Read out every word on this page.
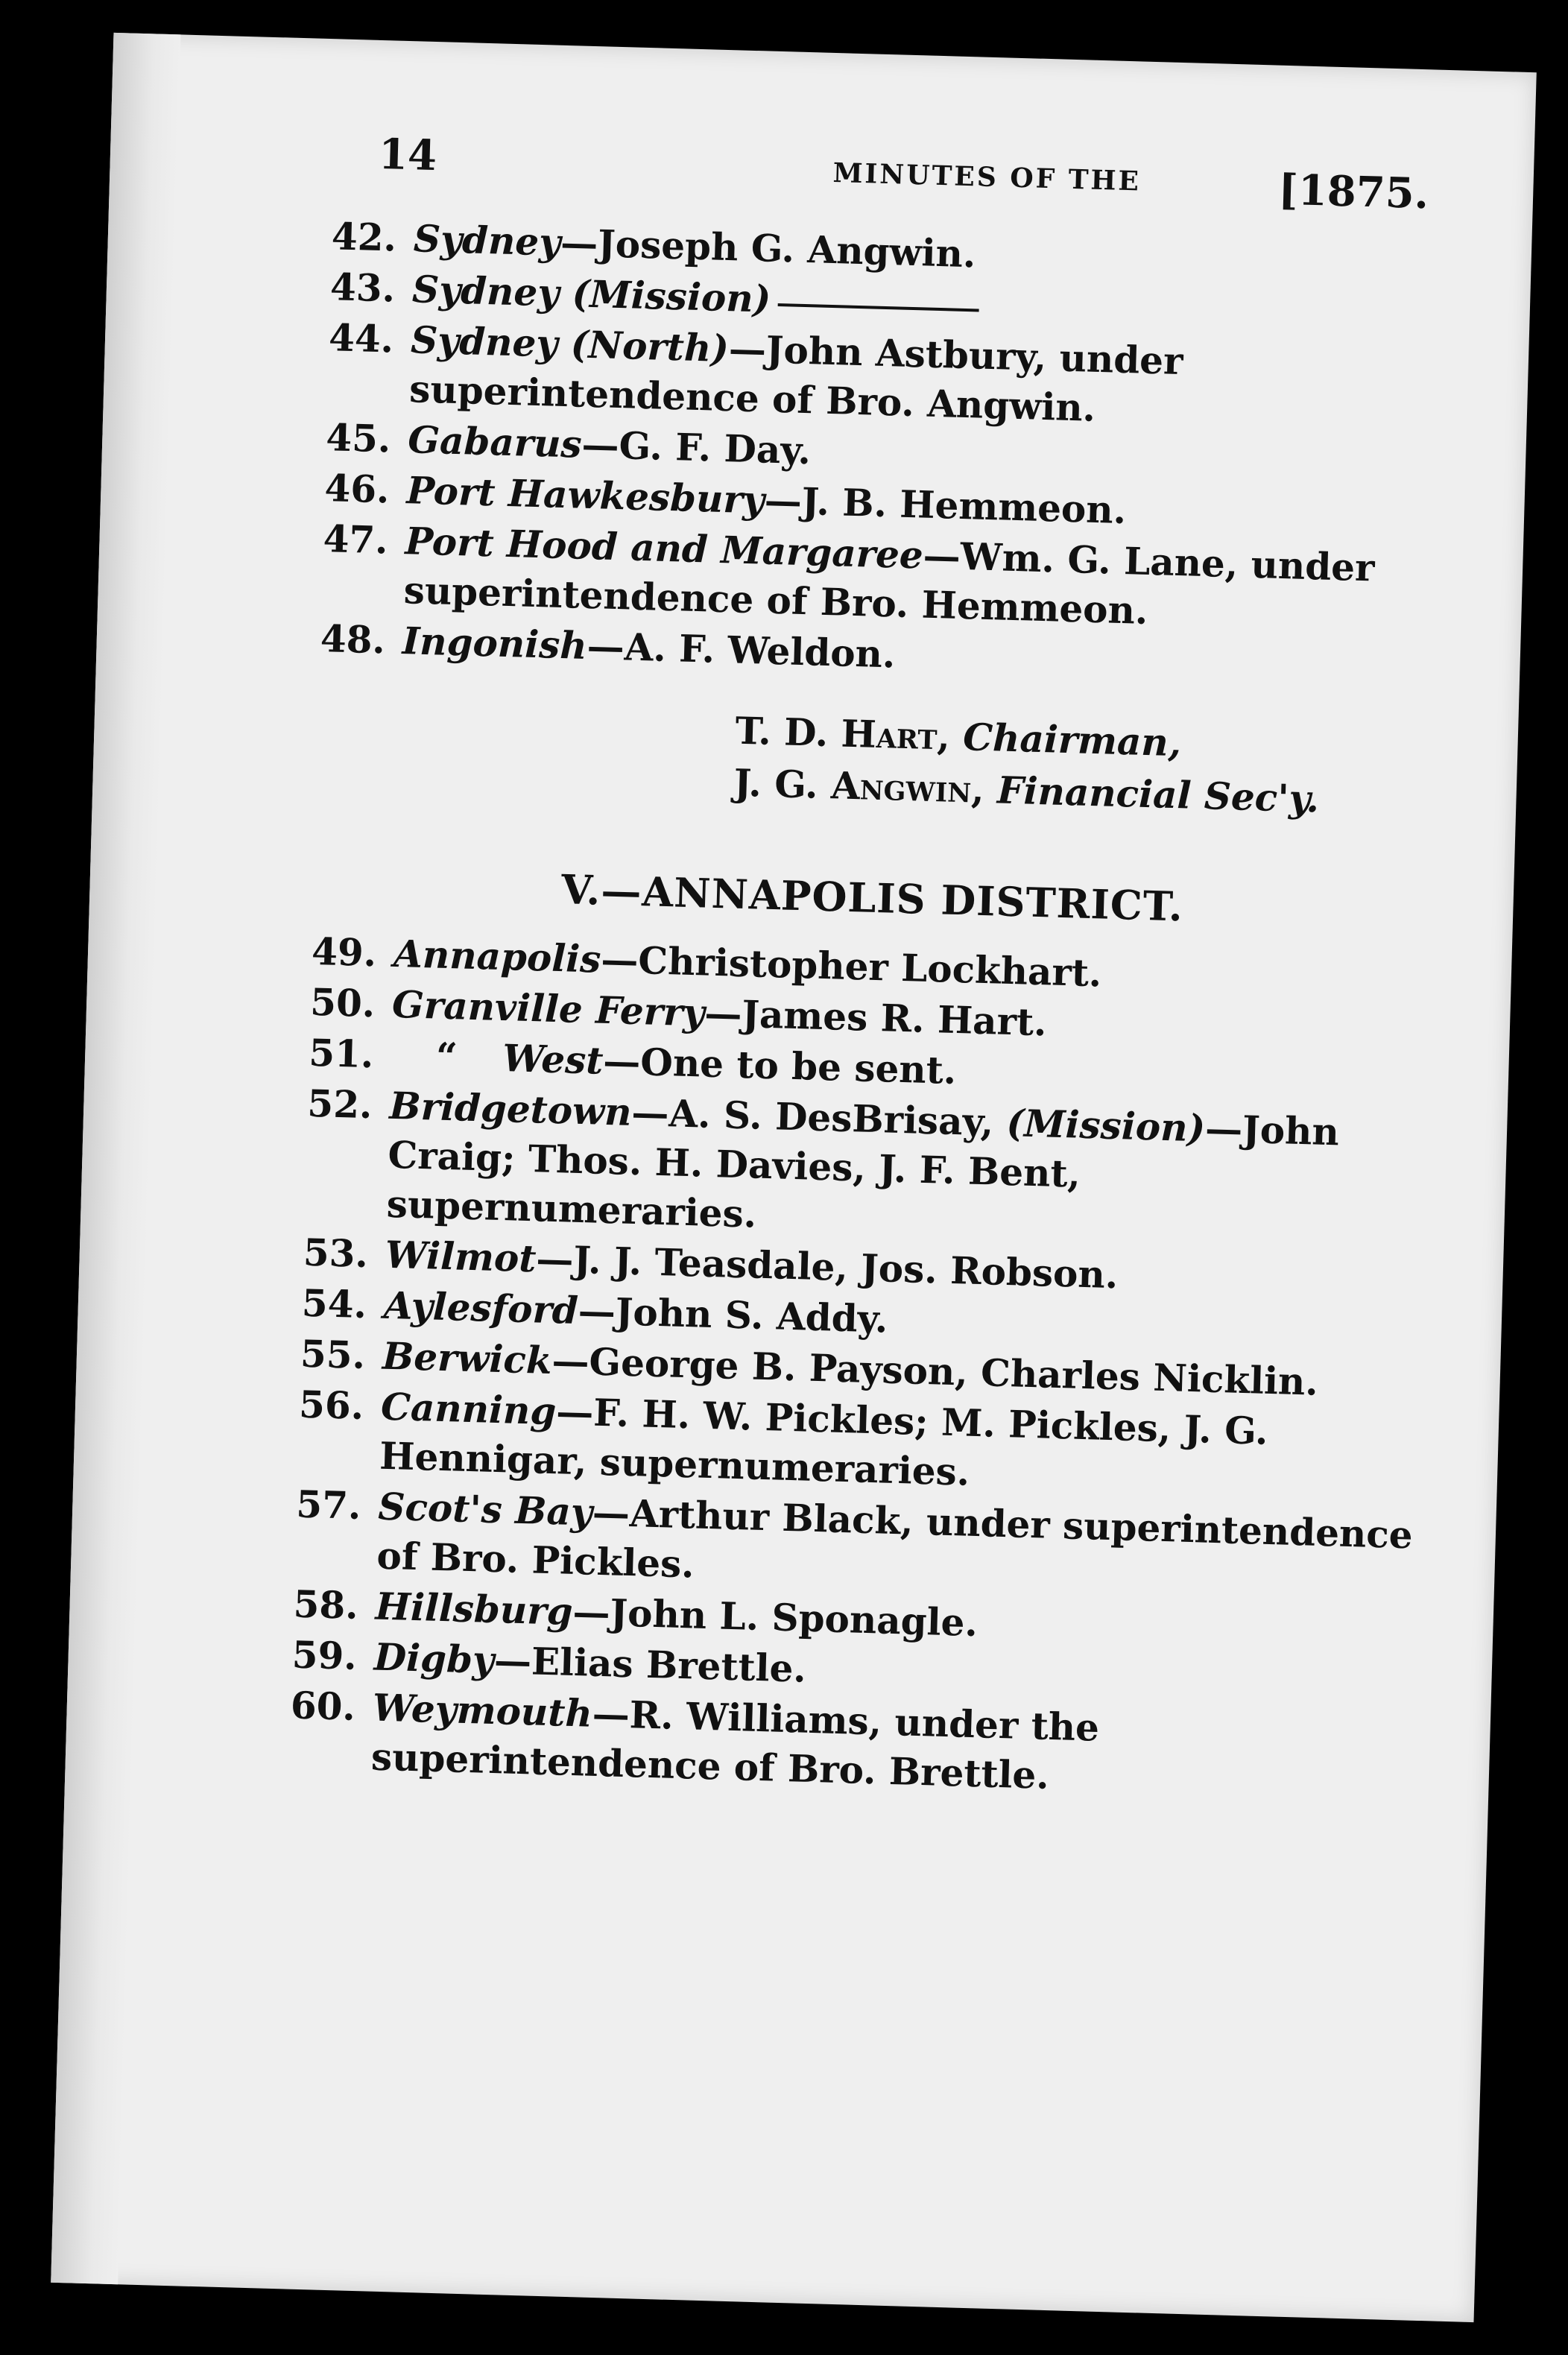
14	MINUTES OF THE	[1875.
42. Sydney—Joseph G. Angwin.
43. Sydney (Mission)
44. Sydney (North)—John Astbury, under superintendence of Bro. Angwin.
45. Gabarus—G. F. Day.
46. Port Hawkesbury—J. B. Hemmeon.
47. Port Hood and Margaree—Wm. G. Lane, under superintendence of Bro. Hemmeon.
48. Ingonish—A. F. Weldon.
T. D. Hart, Chairman,
J. G. Angwin, Financial Sec'y.
V.—ANNAPOLIS DISTRICT.
49. Annapolis—Christopher Lockhart.
50. Granville Ferry—James R. Hart.
51. “ West—One to be sent.
52. Bridgetown—A. S. DesBrisay, (Mission)—John Craig; Thos. H. Davies, J. F. Bent, supernumeraries.
53. Wilmot—J. J. Teasdale, Jos. Robson.
54. Aylesford—John S. Addy.
55. Berwick—George B. Payson, Charles Nicklin.
56. Canning—F. H. W. Pickles; M. Pickles, J. G. Hennigar, supernumeraries.
57. Scot's Bay—Arthur Black, under superintendence of Bro. Pickles.
58. Hillsburg—John L. Sponagle.
59. Digby—Elias Brettle.
60. Weymouth—R. Williams, under the superintendence of Bro. Brettle.
